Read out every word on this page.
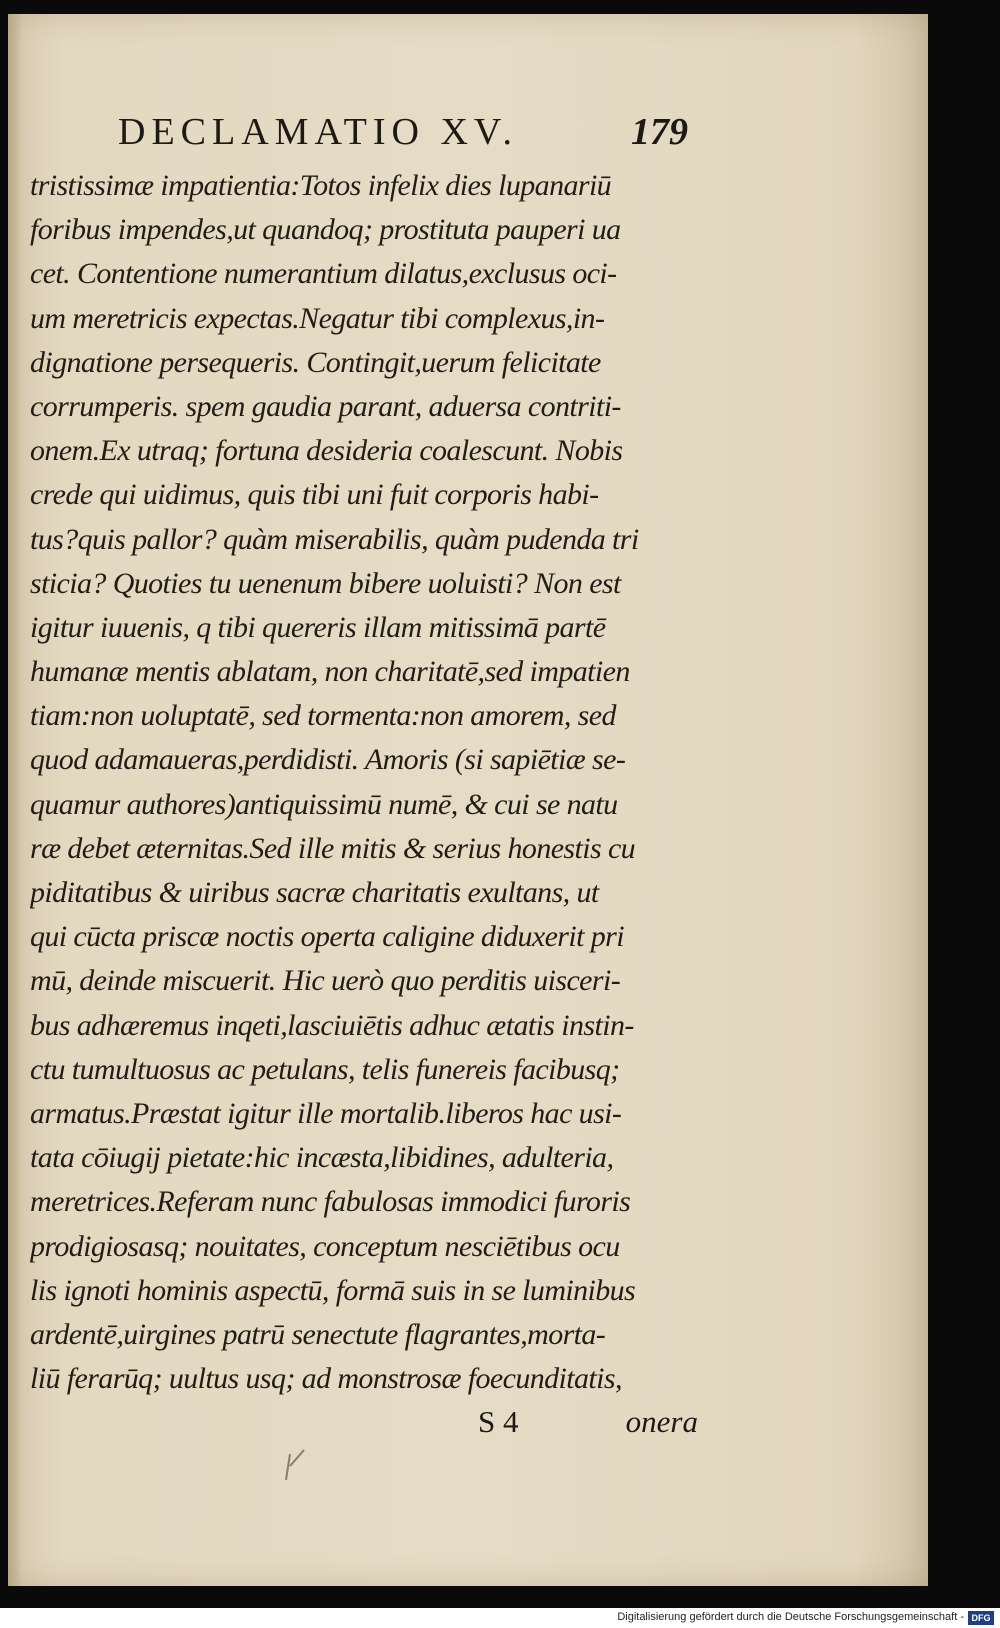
DECLAMATIO XV.	179
tristissimæ impatientia:Totos infelix dies lupanariū
foribus impendes,ut quandoq; prostituta pauperi ua
cet. Contentione numerantium dilatus,exclusus oci-
um meretricis expectas.Negatur tibi complexus,in-
dignatione persequeris. Contingit,uerum felicitate
corrumperis. spem gaudia parant, aduersa contriti-
onem.Ex utraq; fortuna desideria coalescunt. Nobis
crede qui uidimus, quis tibi uni fuit corporis habi-
tus?quis pallor? quàm miserabilis, quàm pudenda tri
sticia? Quoties tu uenenum bibere uoluisti? Non est
igitur iuuenis, q tibi quereris illam mitissimā partē
humanæ mentis ablatam, non charitatē,sed impatien
tiam:non uoluptatē, sed tormenta:non amorem, sed
quod adamaueras,perdidisti. Amoris (si sapiētiæ se-
quamur authores)antiquissimū numē, & cui se natu
ræ debet æternitas.Sed ille mitis & serius honestis cu
piditatibus & uiribus sacræ charitatis exultans, ut
qui cūcta priscæ noctis operta caligine diduxerit pri
mū, deinde miscuerit. Hic uerò quo perditis uisceri-
bus adhæremus inqeti,lasciuiētis adhuc ætatis instin-
ctu tumultuosus ac petulans, telis funereis facibusq;
armatus.Præstat igitur ille mortalib.liberos hac usi-
tata cōiugij pietate:hic incæsta,libidines, adulteria,
meretrices.Referam nunc fabulosas immodici furoris
prodigiosasq; nouitates, conceptum nesciētibus ocu
lis ignoti hominis aspectū, formā suis in se luminibus
ardentē,uirgines patrū senectute flagrantes,morta-
liū ferarūq; uultus usq; ad monstrosæ foecunditatis,
S 4	onera
Digitalisierung gefördert durch die Deutsche Forschungsgemeinschaft - DFG
